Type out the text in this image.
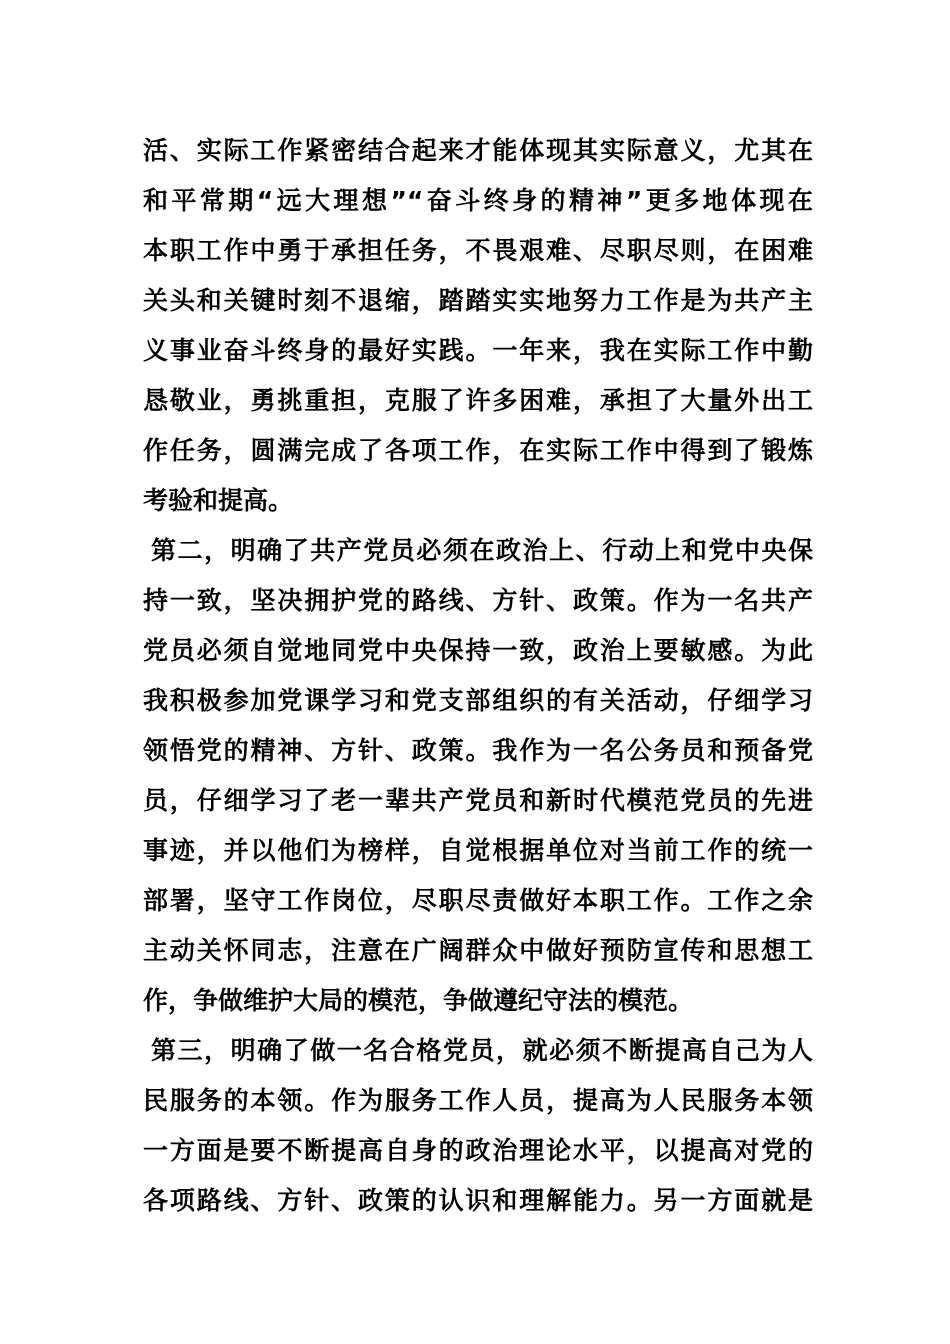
活、实际工作紧密结合起来才能体现其实际意义，尤其在
和平常期“远大理想”“奋斗终身的精神”更多地体现在
本职工作中勇于承担任务，不畏艰难、尽职尽则，在困难
关头和关键时刻不退缩，踏踏实实地努力工作是为共产主
义事业奋斗终身的最好实践。一年来，我在实际工作中勤
恳敬业，勇挑重担，克服了许多困难，承担了大量外出工
作任务，圆满完成了各项工作，在实际工作中得到了锻炼
考验和提高。
第二，明确了共产党员必须在政治上、行动上和党中央保
持一致，坚决拥护党的路线、方针、政策。作为一名共产
党员必须自觉地同党中央保持一致，政治上要敏感。为此
我积极参加党课学习和党支部组织的有关活动，仔细学习
领悟党的精神、方针、政策。我作为一名公务员和预备党
员，仔细学习了老一辈共产党员和新时代模范党员的先进
事迹，并以他们为榜样，自觉根据单位对当前工作的统一
部署，坚守工作岗位，尽职尽责做好本职工作。工作之余
主动关怀同志，注意在广阔群众中做好预防宣传和思想工
作，争做维护大局的模范，争做遵纪守法的模范。
第三，明确了做一名合格党员，就必须不断提高自己为人
民服务的本领。作为服务工作人员，提高为人民服务本领
一方面是要不断提高自身的政治理论水平，以提高对党的
各项路线、方针、政策的认识和理解能力。另一方面就是
